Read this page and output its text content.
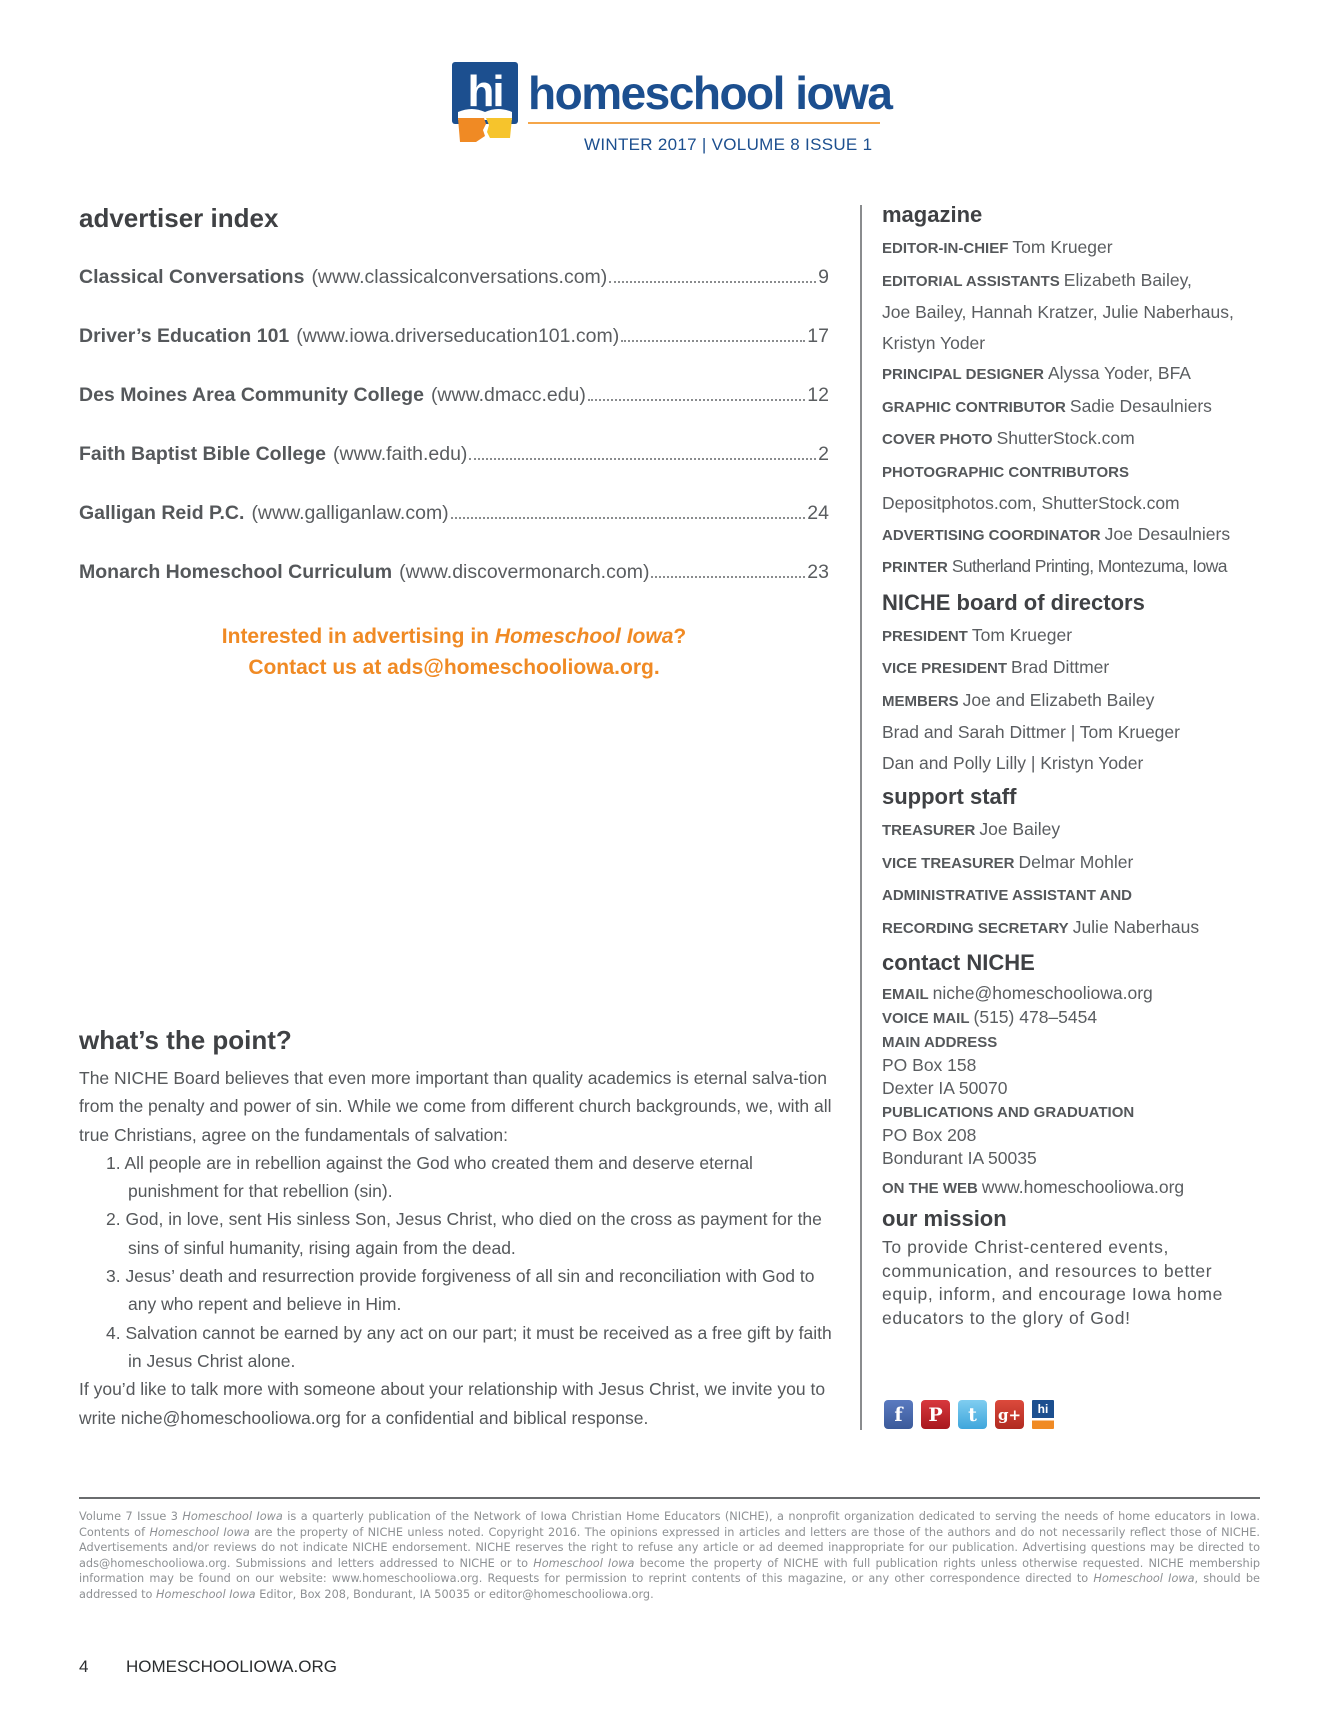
hi homeschool iowa
WINTER 2017 | VOLUME 8 ISSUE 1
advertiser index
Classical Conversations (www.classicalconversations.com)	9
Driver’s Education 101 (www.iowa.driverseducation101.com)	17
Des Moines Area Community College (www.dmacc.edu)	12
Faith Baptist Bible College (www.faith.edu)	2
Galligan Reid P.C. (www.galliganlaw.com)	24
Monarch Homeschool Curriculum (www.discovermonarch.com)	23
Interested in advertising in Homeschool Iowa?
Contact us at ads@homeschooliowa.org.
what’s the point?

The NICHE Board believes that even more important than quality academics is eternal salva-tion from the penalty and power of sin. While we come from different church backgrounds, we, with all true Christians, agree on the fundamentals of salvation:

1. All people are in rebellion against the God who created them and deserve eternal punishment for that rebellion (sin).
2. God, in love, sent His sinless Son, Jesus Christ, who died on the cross as payment for the sins of sinful humanity, rising again from the dead.
3. Jesus’ death and resurrection provide forgiveness of all sin and reconciliation with God to any who repent and believe in Him.
4. Salvation cannot be earned by any act on our part; it must be received as a free gift by faith in Jesus Christ alone.

If you’d like to talk more with someone about your relationship with Jesus Christ, we invite you to write niche@homeschooliowa.org for a confidential and biblical response.

magazine
EDITOR-IN-CHIEF Tom Krueger
EDITORIAL ASSISTANTS Elizabeth Bailey,
Joe Bailey, Hannah Kratzer, Julie Naberhaus,
Kristyn Yoder
PRINCIPAL DESIGNER Alyssa Yoder, BFA
GRAPHIC CONTRIBUTOR Sadie Desaulniers
COVER PHOTO ShutterStock.com
PHOTOGRAPHIC CONTRIBUTORS
Depositphotos.com, ShutterStock.com
ADVERTISING COORDINATOR Joe Desaulniers
PRINTER Sutherland Printing, Montezuma, Iowa
NICHE board of directors
PRESIDENT Tom Krueger
VICE PRESIDENT Brad Dittmer
MEMBERS Joe and Elizabeth Bailey
Brad and Sarah Dittmer | Tom Krueger
Dan and Polly Lilly | Kristyn Yoder
support staff
TREASURER Joe Bailey
VICE TREASURER Delmar Mohler
ADMINISTRATIVE ASSISTANT AND
RECORDING SECRETARY Julie Naberhaus
contact NICHE
EMAIL niche@homeschooliowa.org
VOICE MAIL (515) 478–5454
MAIN ADDRESS
PO Box 158
Dexter IA 50070
PUBLICATIONS AND GRADUATION
PO Box 208
Bondurant IA 50035
ON THE WEB www.homeschooliowa.org
our mission

To provide Christ-centered events, communication, and resources to better equip, inform, and encourage Iowa home educators to the glory of God!

f P t g+ hi

Volume 7 Issue 3 Homeschool Iowa is a quarterly publication of the Network of Iowa Christian Home Educators (NICHE), a nonprofit organization dedicated to serving the needs of home educators in Iowa. Contents of Homeschool Iowa are the property of NICHE unless noted. Copyright 2016. The opinions expressed in articles and letters are those of the authors and do not necessarily reflect those of NICHE. Advertisements and/or reviews do not indicate NICHE endorsement. NICHE reserves the right to refuse any article or ad deemed inappropriate for our publication. Advertising questions may be directed to ads@homeschooliowa.org. Submissions and letters addressed to NICHE or to Homeschool Iowa become the property of NICHE with full publication rights unless otherwise requested. NICHE membership information may be found on our website: www.homeschooliowa.org. Requests for permission to reprint contents of this magazine, or any other correspondence directed to Homeschool Iowa, should be addressed to Homeschool Iowa Editor, Box 208, Bondurant, IA 50035 or editor@homeschooliowa.org.

4 HOMESCHOOLIOWA.ORG
